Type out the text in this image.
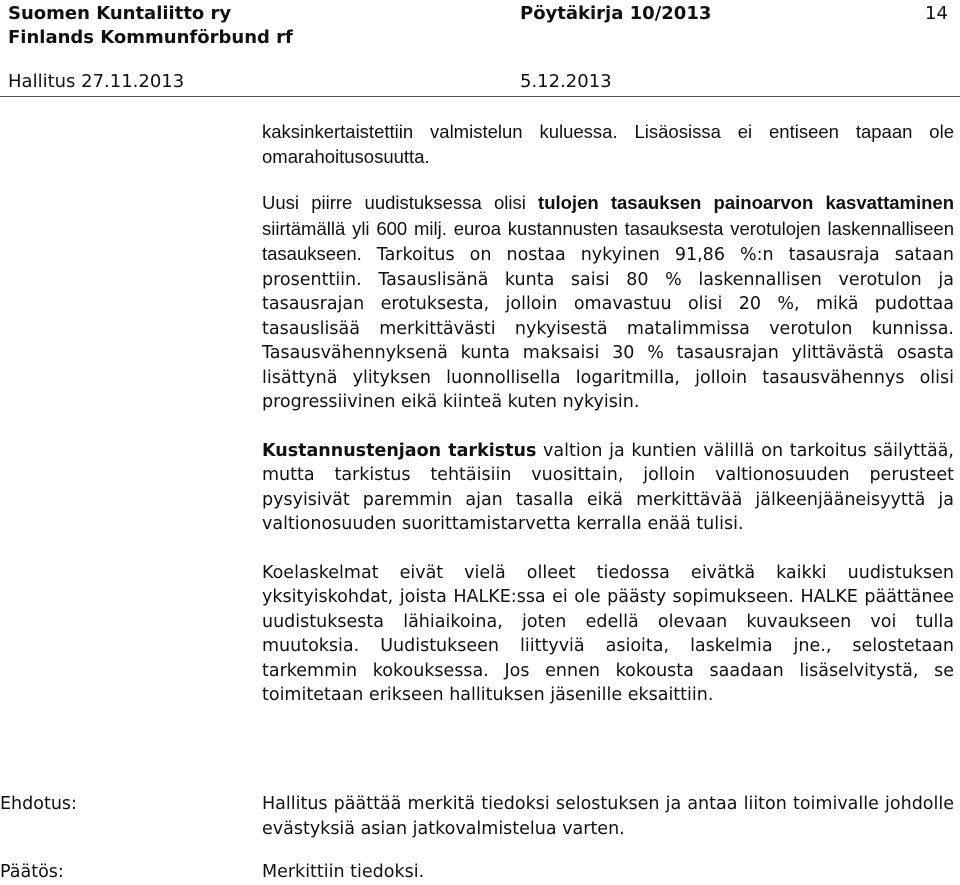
Suomen Kuntaliitto ry
Finlands Kommunförbund rf
Pöytäkirja 10/2013	14
Hallitus 27.11.2013	5.12.2013

kaksinkertaistettiin valmistelun kuluessa. Lisäosissa ei entiseen tapaan ole omarahoitusosuutta.

Uusi piirre uudistuksessa olisi tulojen tasauksen painoarvon kasvattaminen siirtämällä yli 600 milj. euroa kustannusten tasauksesta verotulojen laskennalliseen tasaukseen. Tarkoitus on nostaa nykyinen 91,86 %:n tasausraja sataan prosenttiin. Tasauslisänä kunta saisi 80 % laskennallisen verotulon ja tasausrajan erotuksesta, jolloin omavastuu olisi 20 %, mikä pudottaa tasauslisää merkittävästi nykyisestä matalimmissa verotulon kunnissa. Tasausvähennyksenä kunta maksaisi 30 % tasausrajan ylittävästä osasta lisättynä ylityksen luonnollisella logaritmilla, jolloin tasausvähennys olisi progressiivinen eikä kiinteä kuten nykyisin.

Kustannustenjaon tarkistus valtion ja kuntien välillä on tarkoitus säilyttää, mutta tarkistus tehtäisiin vuosittain, jolloin valtionosuuden perusteet pysyisivät paremmin ajan tasalla eikä merkittävää jälkeenjääneisyyttä ja valtionosuuden suorittamistarvetta kerralla enää tulisi.

Koelaskelmat eivät vielä olleet tiedossa eivätkä kaikki uudistuksen yksityiskohdat, joista HALKE:ssa ei ole päästy sopimukseen. HALKE päättänee uudistuksesta lähiaikoina, joten edellä olevaan kuvaukseen voi tulla muutoksia. Uudistukseen liittyviä asioita, laskelmia jne., selostetaan tarkemmin kokouksessa. Jos ennen kokousta saadaan lisäselvitystä, se toimitetaan erikseen hallituksen jäsenille eksaittiin.

Ehdotus:	Hallitus päättää merkitä tiedoksi selostuksen ja antaa liiton toimivalle johdolle evästyksiä asian jatkovalmistelua varten.
Päätös:	Merkittiin tiedoksi.
